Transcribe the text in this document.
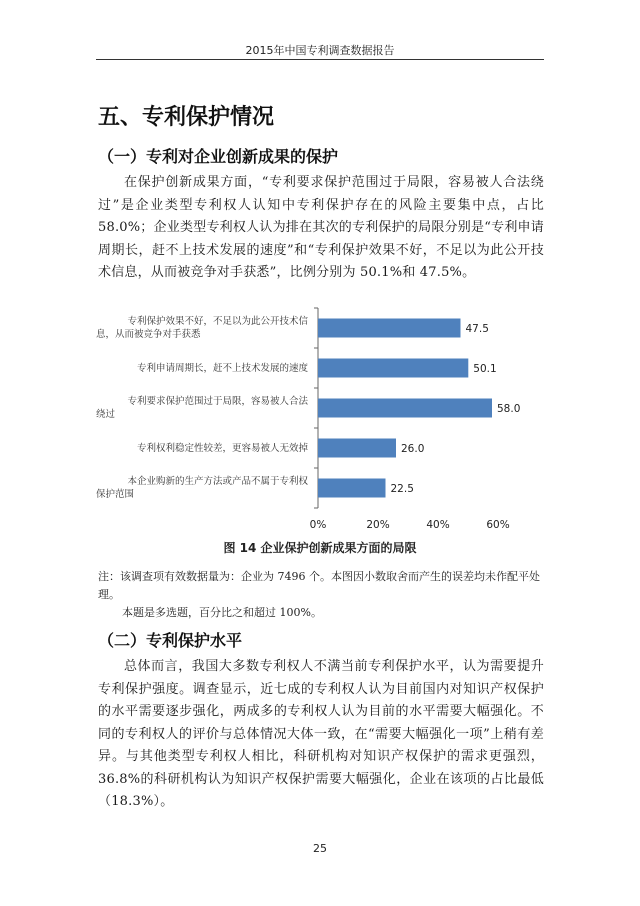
2015年中国专利调查数据报告
五、专利保护情况
（一）专利对企业创新成果的保护
在保护创新成果方面，“专利要求保护范围过于局限，容易被人合法绕过”是企业类型专利权人认知中专利保护存在的风险主要集中点，占比 58.0%；企业类型专利权人认为排在其次的专利保护的局限分别是“专利申请周期长，赶不上技术发展的速度”和“专利保护效果不好，不足以为此公开技术信息，从而被竞争对手获悉”，比例分别为 50.1%和 47.5%。
专利保护效果不好，不足以为此公开技术信
息，从而被竞争对手获悉
专利申请周期长，赶不上技术发展的速度
专利要求保护范围过于局限，容易被人合法
绕过
专利权利稳定性较差，更容易被人无效掉
本企业购新的生产方法或产品不属于专利权
保护范围
47.5
50.1
58.0
26.0
22.5
0%	20%	40%	60%
图 14 企业保护创新成果方面的局限
注：该调查项有效数据量为：企业为 7496 个。本图因小数取舍而产生的误差均未作配平处理。
本题是多选题，百分比之和超过 100%。
（二）专利保护水平
总体而言，我国大多数专利权人不满当前专利保护水平，认为需要提升专利保护强度。调查显示，近七成的专利权人认为目前国内对知识产权保护的水平需要逐步强化，两成多的专利权人认为目前的水平需要大幅强化。不同的专利权人的评价与总体情况大体一致，在“需要大幅强化一项”上稍有差异。与其他类型专利权人相比，科研机构对知识产权保护的需求更强烈，36.8%的科研机构认为知识产权保护需要大幅强化，企业在该项的占比最低（18.3%）。
25
